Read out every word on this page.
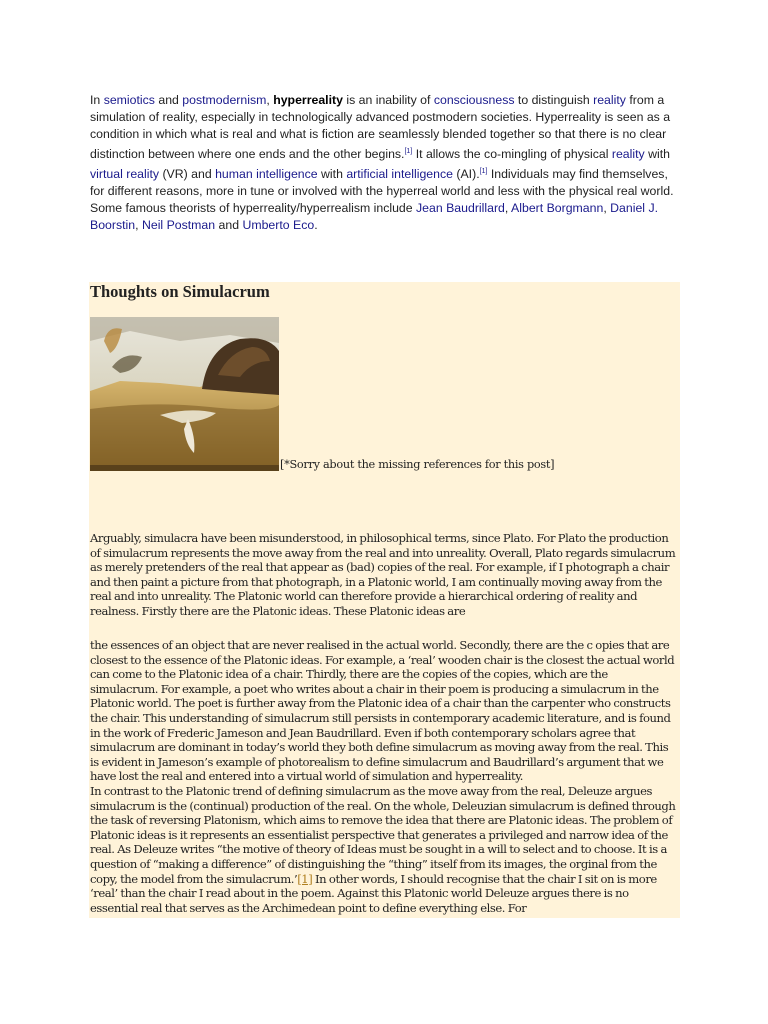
In semiotics and postmodernism, hyperreality is an inability of consciousness to distinguish reality from a simulation of reality, especially in technologically advanced postmodern societies. Hyperreality is seen as a condition in which what is real and what is fiction are seamlessly blended together so that there is no clear distinction between where one ends and the other begins.[1] It allows the co-mingling of physical reality with virtual reality (VR) and human intelligence with artificial intelligence (AI).[1] Individuals may find themselves, for different reasons, more in tune or involved with the hyperreal world and less with the physical real world. Some famous theorists of hyperreality/hyperrealism include Jean Baudrillard, Albert Borgmann, Daniel J. Boorstin, Neil Postman and Umberto Eco.
Thoughts on Simulacrum
[*Sorry about the missing references for this post]
Arguably, simulacra have been misunderstood, in philosophical terms, since Plato. For Plato the production of simulacrum represents the move away from the real and into unreality. Overall, Plato regards simulacrum as merely pretenders of the real that appear as (bad) copies of the real. For example, if I photograph a chair and then paint a picture from that photograph, in a Platonic world, I am continually moving away from the real and into unreality. The Platonic world can therefore provide a hierarchical ordering of reality and realness. Firstly there are the Platonic ideas. These Platonic ideas are
the essences of an object that are never realised in the actual world. Secondly, there are the c opies that are closest to the essence of the Platonic ideas. For example, a ‘real’ wooden chair is the closest the actual world can come to the Platonic idea of a chair. Thirdly, there are the copies of the copies, which are the simulacrum. For example, a poet who writes about a chair in their poem is producing a simulacrum in the Platonic world. The poet is further away from the Platonic idea of a chair than the carpenter who constructs the chair. This understanding of simulacrum still persists in contemporary academic literature, and is found in the work of Frederic Jameson and Jean Baudrillard. Even if both contemporary scholars agree that simulacrum are dominant in today’s world they both define simulacrum as moving away from the real. This is evident in Jameson’s example of photorealism to define simulacrum and Baudrillard’s argument that we have lost the real and entered into a virtual world of simulation and hyperreality.
In contrast to the Platonic trend of defining simulacrum as the move away from the real, Deleuze argues simulacrum is the (continual) production of the real. On the whole, Deleuzian simulacrum is defined through the task of reversing Platonism, which aims to remove the idea that there are Platonic ideas. The problem of Platonic ideas is it represents an essentialist perspective that generates a privileged and narrow idea of the real. As Deleuze writes “the motive of theory of Ideas must be sought in a will to select and to choose. It is a question of “making a difference” of distinguishing the “thing” itself from its images, the orginal from the copy, the model from the simulacrum.’[1] In other words, I should recognise that the chair I sit on is more ‘real’ than the chair I read about in the poem. Against this Platonic world Deleuze argues there is no essential real that serves as the Archimedean point to define everything else. For
